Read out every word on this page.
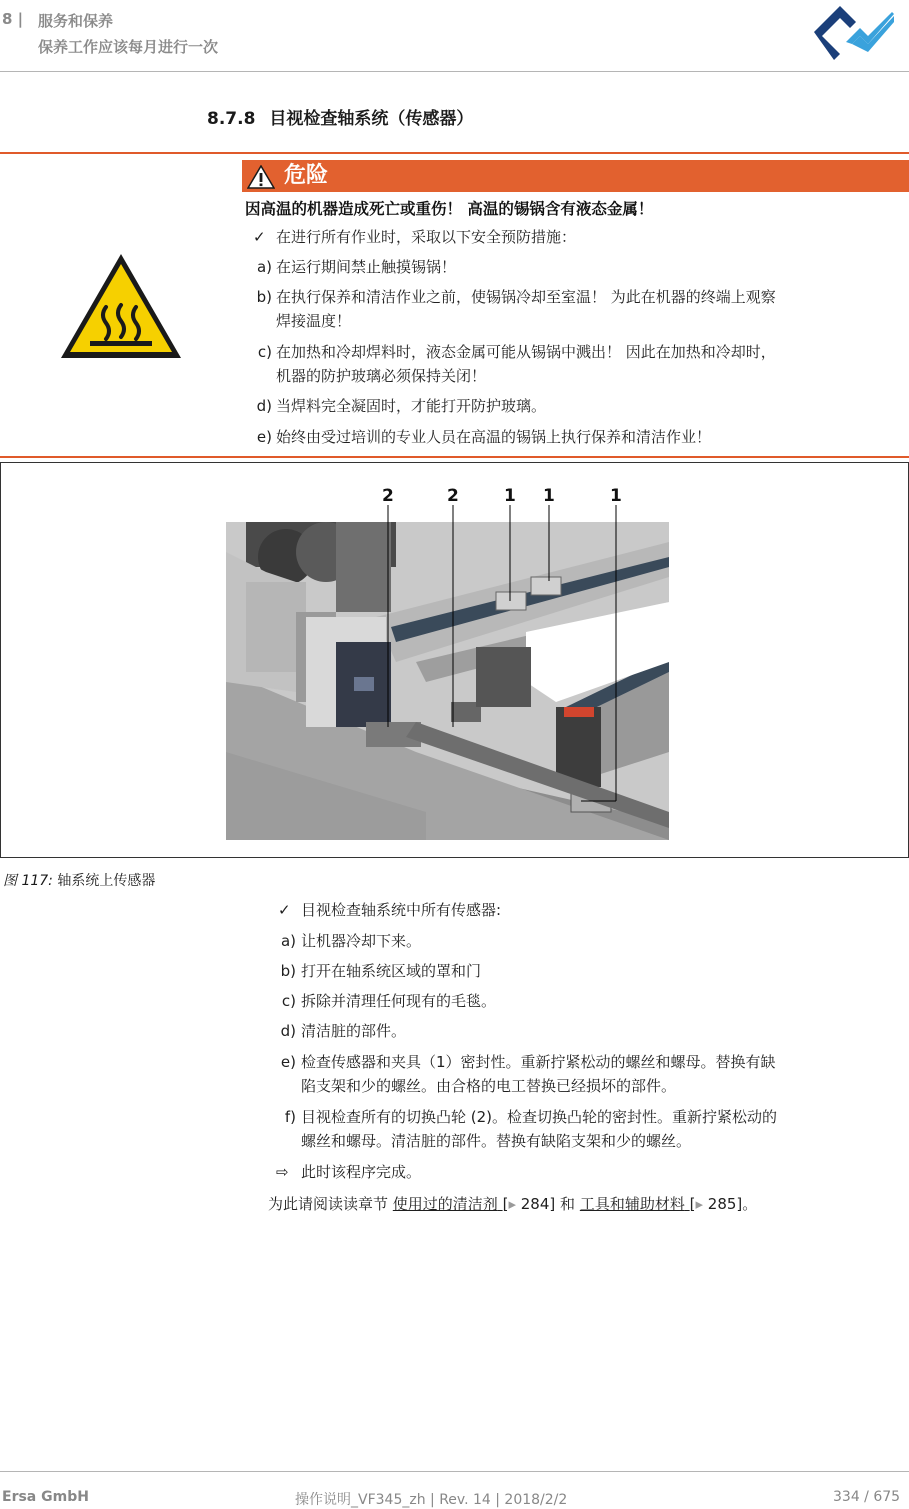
8 | 服务和保养
保养工作应该每月进行一次
8.7.8 目视检查轴系统（传感器）
危险
因高温的机器造成死亡或重伤！ 高温的锡锅含有液态金属！
✓ 在进行所有作业时，采取以下安全预防措施：
a) 在运行期间禁止触摸锡锅！
b) 在执行保养和清洁作业之前，使锡锅冷却至室温！ 为此在机器的终端上观察
焊接温度！
c) 在加热和冷却焊料时，液态金属可能从锡锅中溅出！ 因此在加热和冷却时，
机器的防护玻璃必须保持关闭！
d) 当焊料完全凝固时，才能打开防护玻璃。
e) 始终由受过培训的专业人员在高温的锡锅上执行保养和清洁作业！
2	2	1 1	1
图 117: 轴系统上传感器
✓ 目视检查轴系统中所有传感器:
a) 让机器冷却下来。
b) 打开在轴系统区域的罩和门
c) 拆除并清理任何现有的毛毯。
d) 清洁脏的部件。
e) 检查传感器和夹具（1）密封性。重新拧紧松动的螺丝和螺母。替换有缺
陷支架和少的螺丝。由合格的电工替换已经损坏的部件。
f) 目视检查所有的切换凸轮 (2)。检查切换凸轮的密封性。重新拧紧松动的
螺丝和螺母。清洁脏的部件。替换有缺陷支架和少的螺丝。
⇨ 此时该程序完成。
为此请阅读读章节 使用过的清洁剂 [▸ 284] 和 工具和辅助材料 [▸ 285]。
Ersa GmbH	操作说明_VF345_zh | Rev. 14 | 2018/2/2	334 / 675
